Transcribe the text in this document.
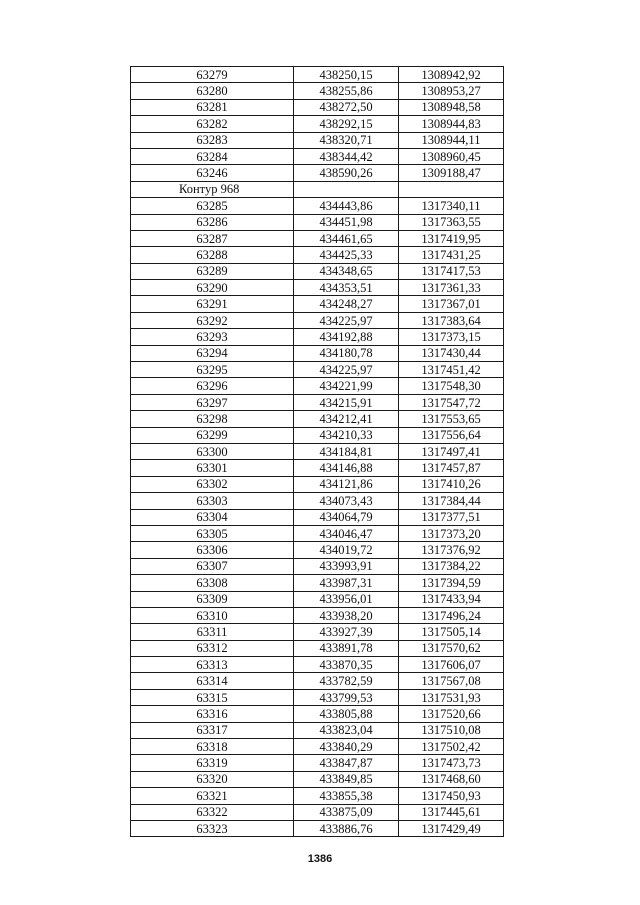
63279	438250,15	1308942,92
63280	438255,86	1308953,27
63281	438272,50	1308948,58
63282	438292,15	1308944,83
63283	438320,71	1308944,11
63284	438344,42	1308960,45
63246	438590,26	1309188,47
Контур 968		
63285	434443,86	1317340,11
63286	434451,98	1317363,55
63287	434461,65	1317419,95
63288	434425,33	1317431,25
63289	434348,65	1317417,53
63290	434353,51	1317361,33
63291	434248,27	1317367,01
63292	434225,97	1317383,64
63293	434192,88	1317373,15
63294	434180,78	1317430,44
63295	434225,97	1317451,42
63296	434221,99	1317548,30
63297	434215,91	1317547,72
63298	434212,41	1317553,65
63299	434210,33	1317556,64
63300	434184,81	1317497,41
63301	434146,88	1317457,87
63302	434121,86	1317410,26
63303	434073,43	1317384,44
63304	434064,79	1317377,51
63305	434046,47	1317373,20
63306	434019,72	1317376,92
63307	433993,91	1317384,22
63308	433987,31	1317394,59
63309	433956,01	1317433,94
63310	433938,20	1317496,24
63311	433927,39	1317505,14
63312	433891,78	1317570,62
63313	433870,35	1317606,07
63314	433782,59	1317567,08
63315	433799,53	1317531,93
63316	433805,88	1317520,66
63317	433823,04	1317510,08
63318	433840,29	1317502,42
63319	433847,87	1317473,73
63320	433849,85	1317468,60
63321	433855,38	1317450,93
63322	433875,09	1317445,61
63323	433886,76	1317429,49
1386
